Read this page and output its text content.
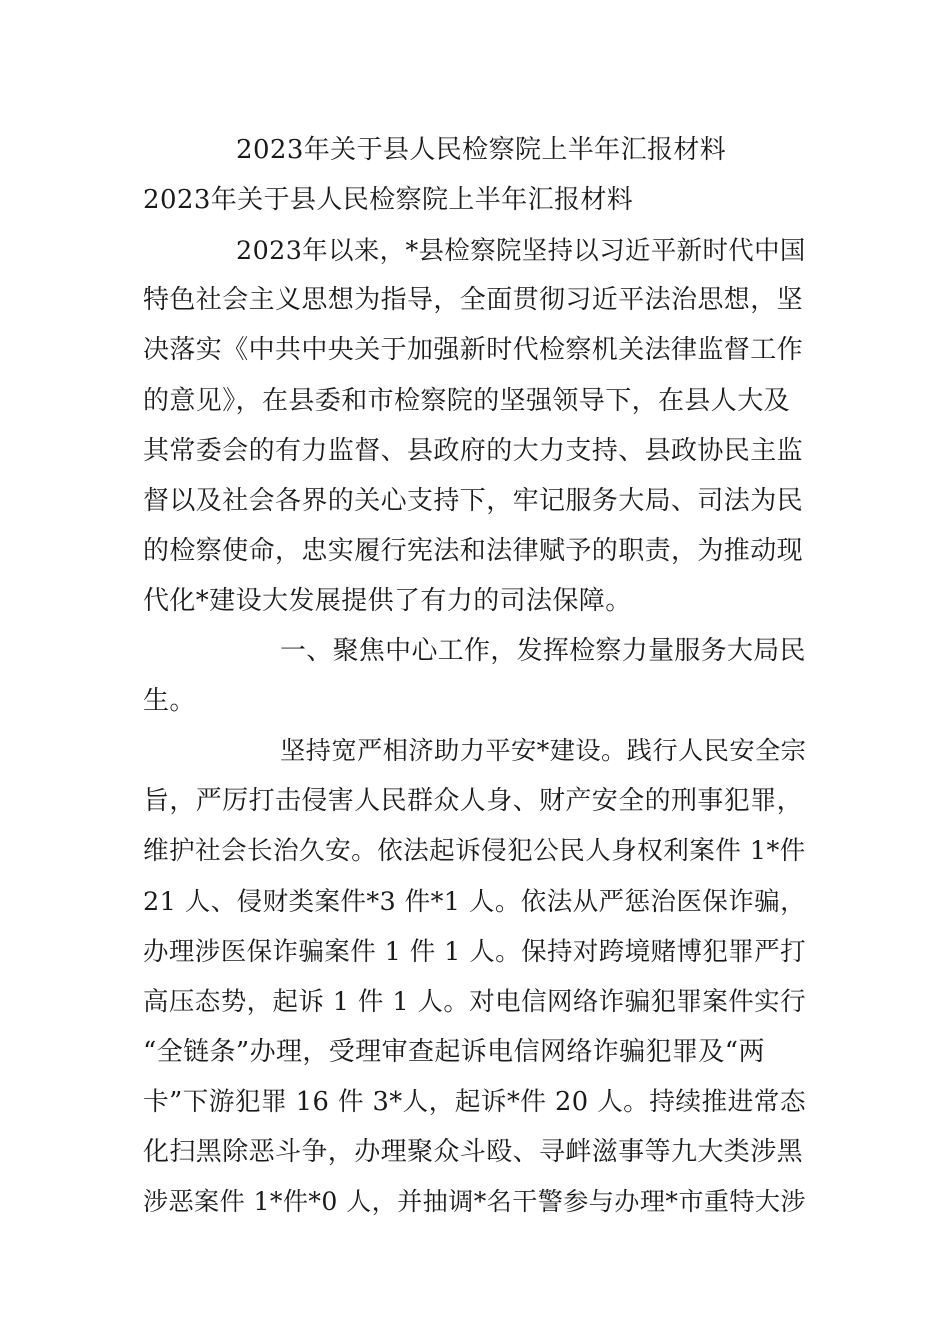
2023年关于县人民检察院上半年汇报材料
2023年关于县人民检察院上半年汇报材料
2023年以来，*县检察院坚持以习近平新时代中国
特色社会主义思想为指导，全面贯彻习近平法治思想，坚
决落实《中共中央关于加强新时代检察机关法律监督工作
的意见》，在县委和市检察院的坚强领导下，在县人大及
其常委会的有力监督、县政府的大力支持、县政协民主监
督以及社会各界的关心支持下，牢记服务大局、司法为民
的检察使命，忠实履行宪法和法律赋予的职责，为推动现
代化*建设大发展提供了有力的司法保障。
一、聚焦中心工作，发挥检察力量服务大局民
生。
坚持宽严相济助力平安*建设。践行人民安全宗
旨，严厉打击侵害人民群众人身、财产安全的刑事犯罪，
维护社会长治久安。依法起诉侵犯公民人身权利案件 1*件
21 人、侵财类案件*3 件*1 人。依法从严惩治医保诈骗，
办理涉医保诈骗案件 1 件 1 人。保持对跨境赌博犯罪严打
高压态势，起诉 1 件 1 人。对电信网络诈骗犯罪案件实行
“全链条”办理，受理审查起诉电信网络诈骗犯罪及“两
卡”下游犯罪 16 件 3*人，起诉*件 20 人。持续推进常态
化扫黑除恶斗争，办理聚众斗殴、寻衅滋事等九大类涉黑
涉恶案件 1*件*0 人，并抽调*名干警参与办理*市重特大涉
